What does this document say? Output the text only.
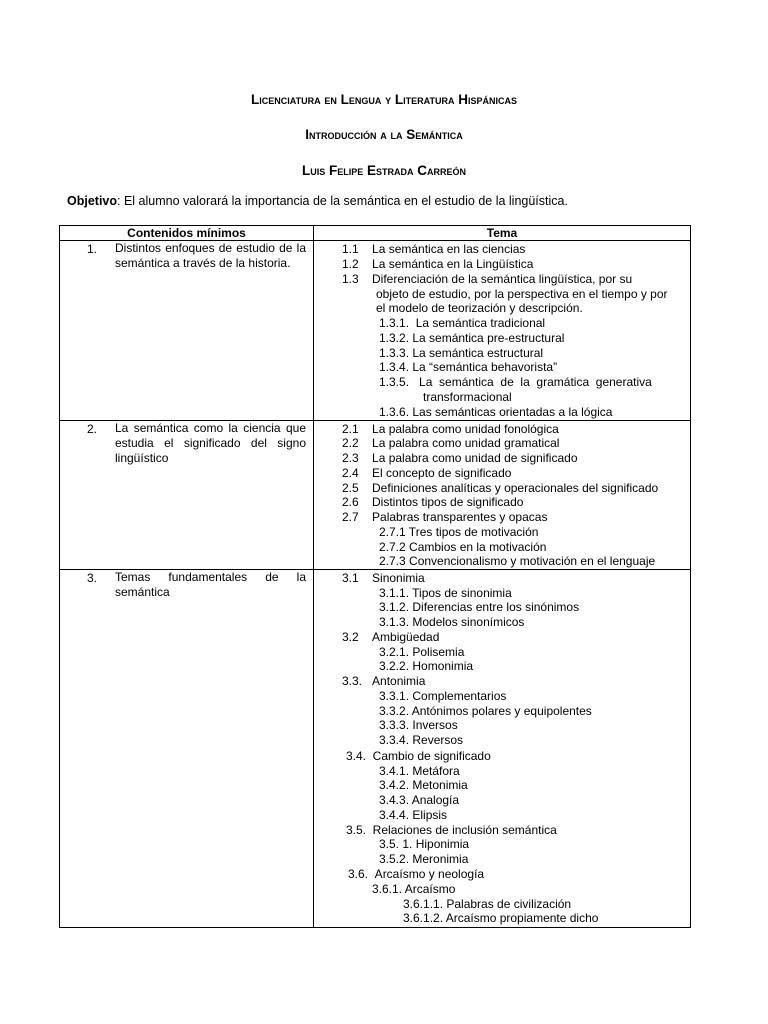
Licenciatura en Lengua y Literatura Hispánicas
Introducción a la Semántica
Luis Felipe Estrada Carreón
Objetivo: El alumno valorará la importancia de la semántica en el estudio de la lingüística.
Contenidos mínimos	Tema
1. Distintos enfoques de estudio de la semántica a través de la historia.
1.1    La semántica en las ciencias
1.2    La semántica en la Lingüística
1.3    Diferenciación de la semántica lingüística, por su
objeto de estudio, por la perspectiva en el tiempo y por
el modelo de teorización y descripción.
1.3.1.  La semántica tradicional
1.3.2. La semántica pre-estructural
1.3.3. La semántica estructural
1.3.4. La “semántica behavorista”
1.3.5.   La  semántica  de  la  gramática  generativa
transformacional
1.3.6. Las semánticas orientadas a la lógica
2. La semántica como la ciencia que estudia el significado del signo lingüístico
2.1    La palabra como unidad fonológica
2.2    La palabra como unidad gramatical
2.3    La palabra como unidad de significado
2.4    El concepto de significado
2.5    Definiciones analíticas y operacionales del significado
2.6    Distintos tipos de significado
2.7    Palabras transparentes y opacas
2.7.1 Tres tipos de motivación
2.7.2 Cambios en la motivación
2.7.3 Convencionalismo y motivación en el lenguaje
3. Temas fundamentales de la semántica
3.1    Sinonimia
3.1.1. Tipos de sinonimia
3.1.2. Diferencias entre los sinónimos
3.1.3. Modelos sinonímicos
3.2    Ambigüedad
3.2.1. Polisemia
3.2.2. Homonimia
3.3.   Antonimia
3.3.1. Complementarios
3.3.2. Antónimos polares y equipolentes
3.3.3. Inversos
3.3.4. Reversos
3.4.  Cambio de significado
3.4.1. Metáfora
3.4.2. Metonimia
3.4.3. Analogía
3.4.4. Elipsis
3.5.  Relaciones de inclusión semántica
3.5. 1. Hiponimia
3.5.2. Meronimia
3.6.  Arcaísmo y neología
3.6.1. Arcaísmo
3.6.1.1. Palabras de civilización
3.6.1.2. Arcaísmo propiamente dicho
